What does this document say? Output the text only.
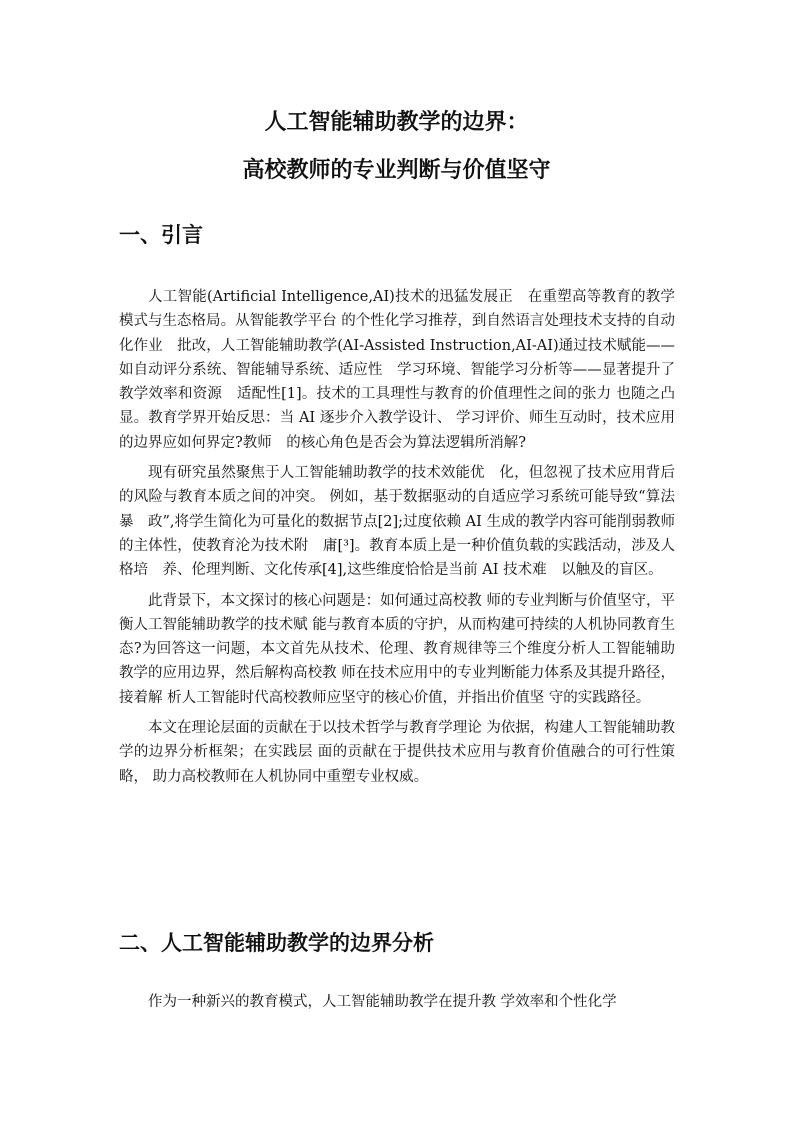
人工智能辅助教学的边界：
高校教师的专业判断与价值坚守
一、引言

人工智能(Artificial Intelligence,AI)技术的迅猛发展正　在重塑高等教育的教学模式与生态格局。从智能教学平台 的个性化学习推荐，到自然语言处理技术支持的自动化作业　批改，人工智能辅助教学(AI-Assisted Instruction,AI-AI)通过技术赋能——如自动评分系统、智能辅导系统、适应性　学习环境、智能学习分析等——显著提升了教学效率和资源　适配性[1]。技术的工具理性与教育的价值理性之间的张力 也随之凸显。教育学界开始反思：当 AI 逐步介入教学设计、 学习评价、师生互动时，技术应用的边界应如何界定?教师　的核心角色是否会为算法逻辑所消解?

现有研究虽然聚焦于人工智能辅助教学的技术效能优　化，但忽视了技术应用背后的风险与教育本质之间的冲突。 例如，基于数据驱动的自适应学习系统可能导致“算法暴　政”,将学生简化为可量化的数据节点[2];过度依赖 AI 生成的教学内容可能削弱教师的主体性，使教育沦为技术附　庸[³]。教育本质上是一种价值负载的实践活动，涉及人格培　养、伦理判断、文化传承[4],这些维度恰恰是当前 AI 技术难　以触及的盲区。

此背景下，本文探讨的核心问题是：如何通过高校教 师的专业判断与价值坚守，平衡人工智能辅助教学的技术赋 能与教育本质的守护，从而构建可持续的人机协同教育生 态?为回答这一问题，本文首先从技术、伦理、教育规律等三个维度分析人工智能辅助教学的应用边界，然后解构高校教 师在技术应用中的专业判断能力体系及其提升路径，接着解 析人工智能时代高校教师应坚守的核心价值，并指出价值坚 守的实践路径。

本文在理论层面的贡献在于以技术哲学与教育学理论 为依据，构建人工智能辅助教学的边界分析框架；在实践层 面的贡献在于提供技术应用与教育价值融合的可行性策略， 助力高校教师在人机协同中重塑专业权威。

二、人工智能辅助教学的边界分析

作为一种新兴的教育模式，人工智能辅助教学在提升教 学效率和个性化学
